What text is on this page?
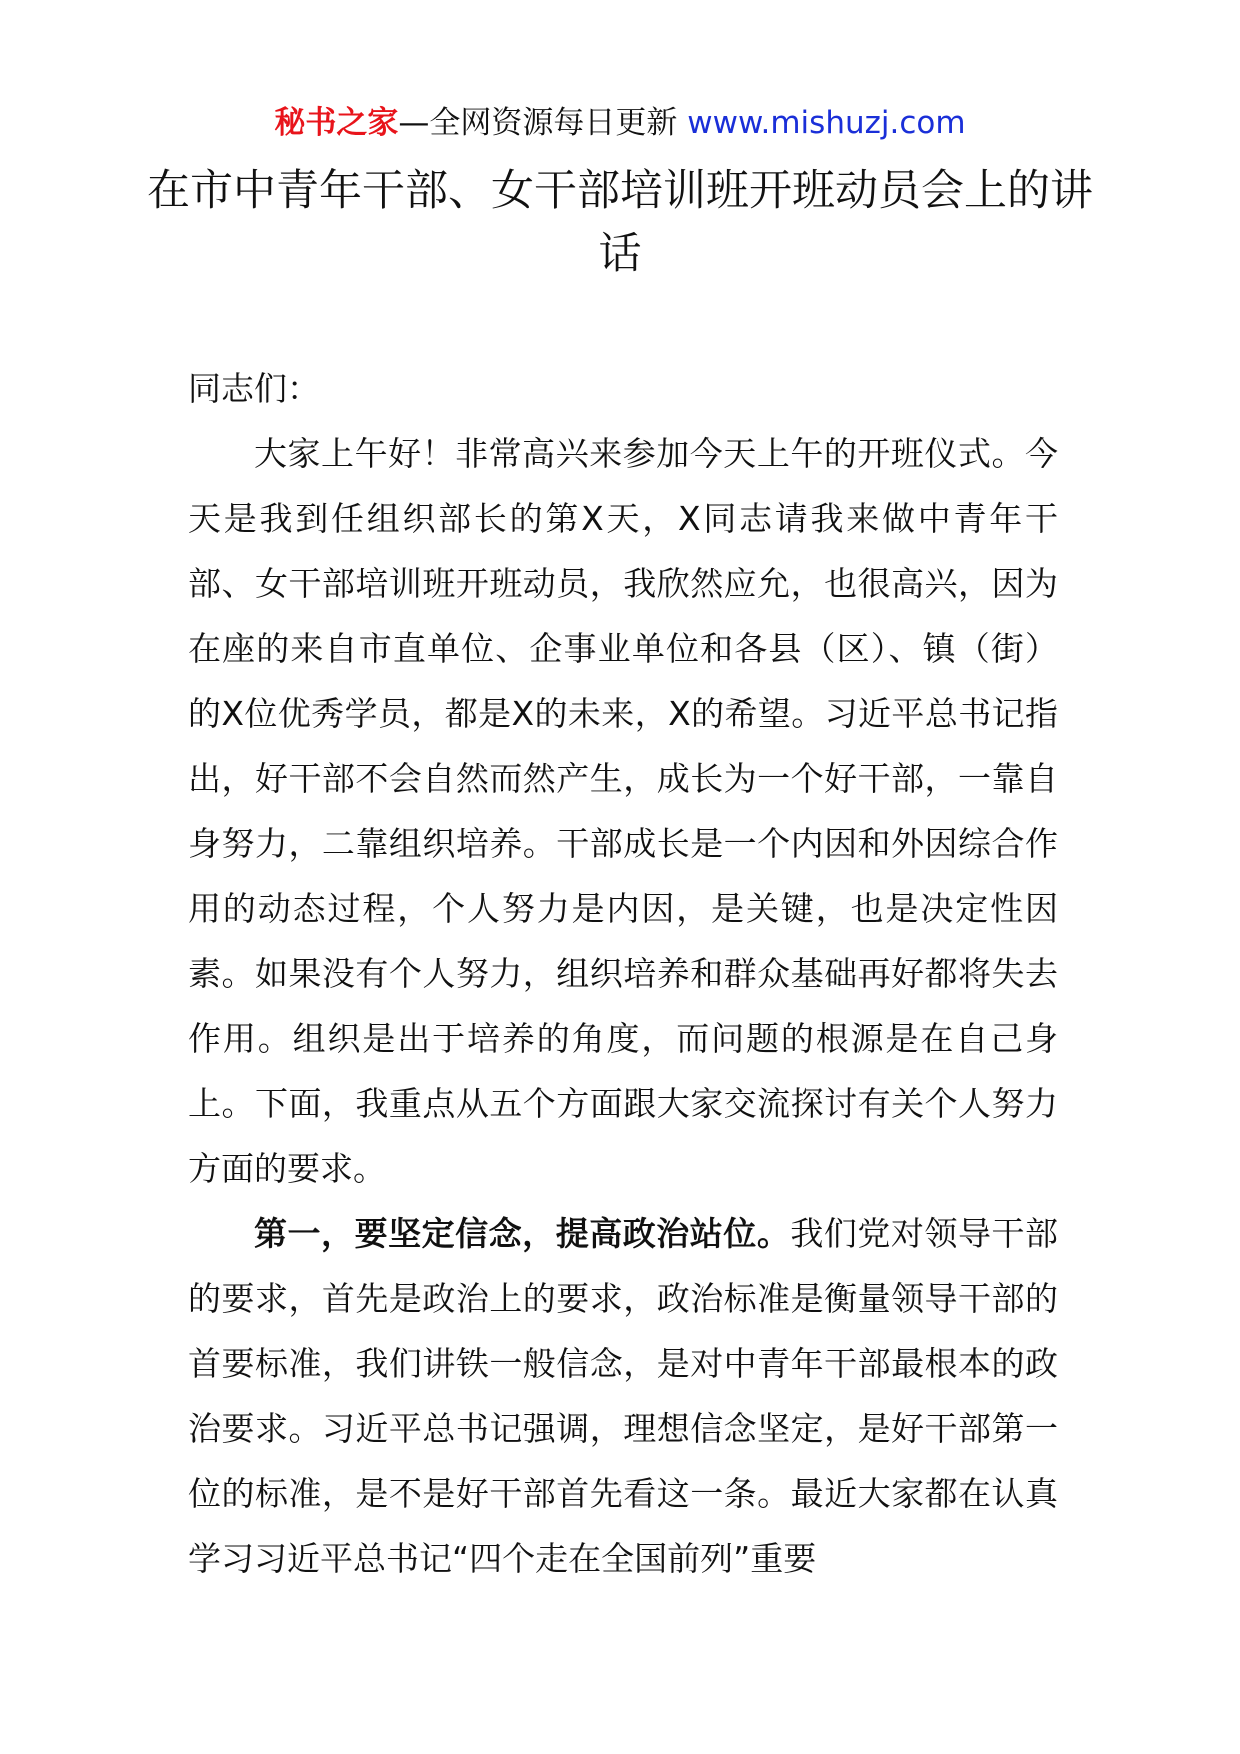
秘书之家—全网资源每日更新 www.mishuzj.com
在市中青年干部、女干部培训班开班动员会上的讲话

同志们：

大家上午好！非常高兴来参加今天上午的开班仪式。今天是我到任组织部长的第X天，X同志请我来做中青年干部、女干部培训班开班动员，我欣然应允，也很高兴，因为在座的来自市直单位、企事业单位和各县（区）、镇（街）的X位优秀学员，都是X的未来，X的希望。习近平总书记指出，好干部不会自然而然产生，成长为一个好干部，一靠自身努力，二靠组织培养。干部成长是一个内因和外因综合作用的动态过程，个人努力是内因，是关键，也是决定性因素。如果没有个人努力，组织培养和群众基础再好都将失去作用。组织是出于培养的角度，而问题的根源是在自己身上。下面，我重点从五个方面跟大家交流探讨有关个人努力方面的要求。

第一，要坚定信念，提高政治站位。我们党对领导干部的要求，首先是政治上的要求，政治标准是衡量领导干部的首要标准，我们讲铁一般信念，是对中青年干部最根本的政治要求。习近平总书记强调，理想信念坚定，是好干部第一位的标准，是不是好干部首先看这一条。最近大家都在认真学习习近平总书记“四个走在全国前列”重要
